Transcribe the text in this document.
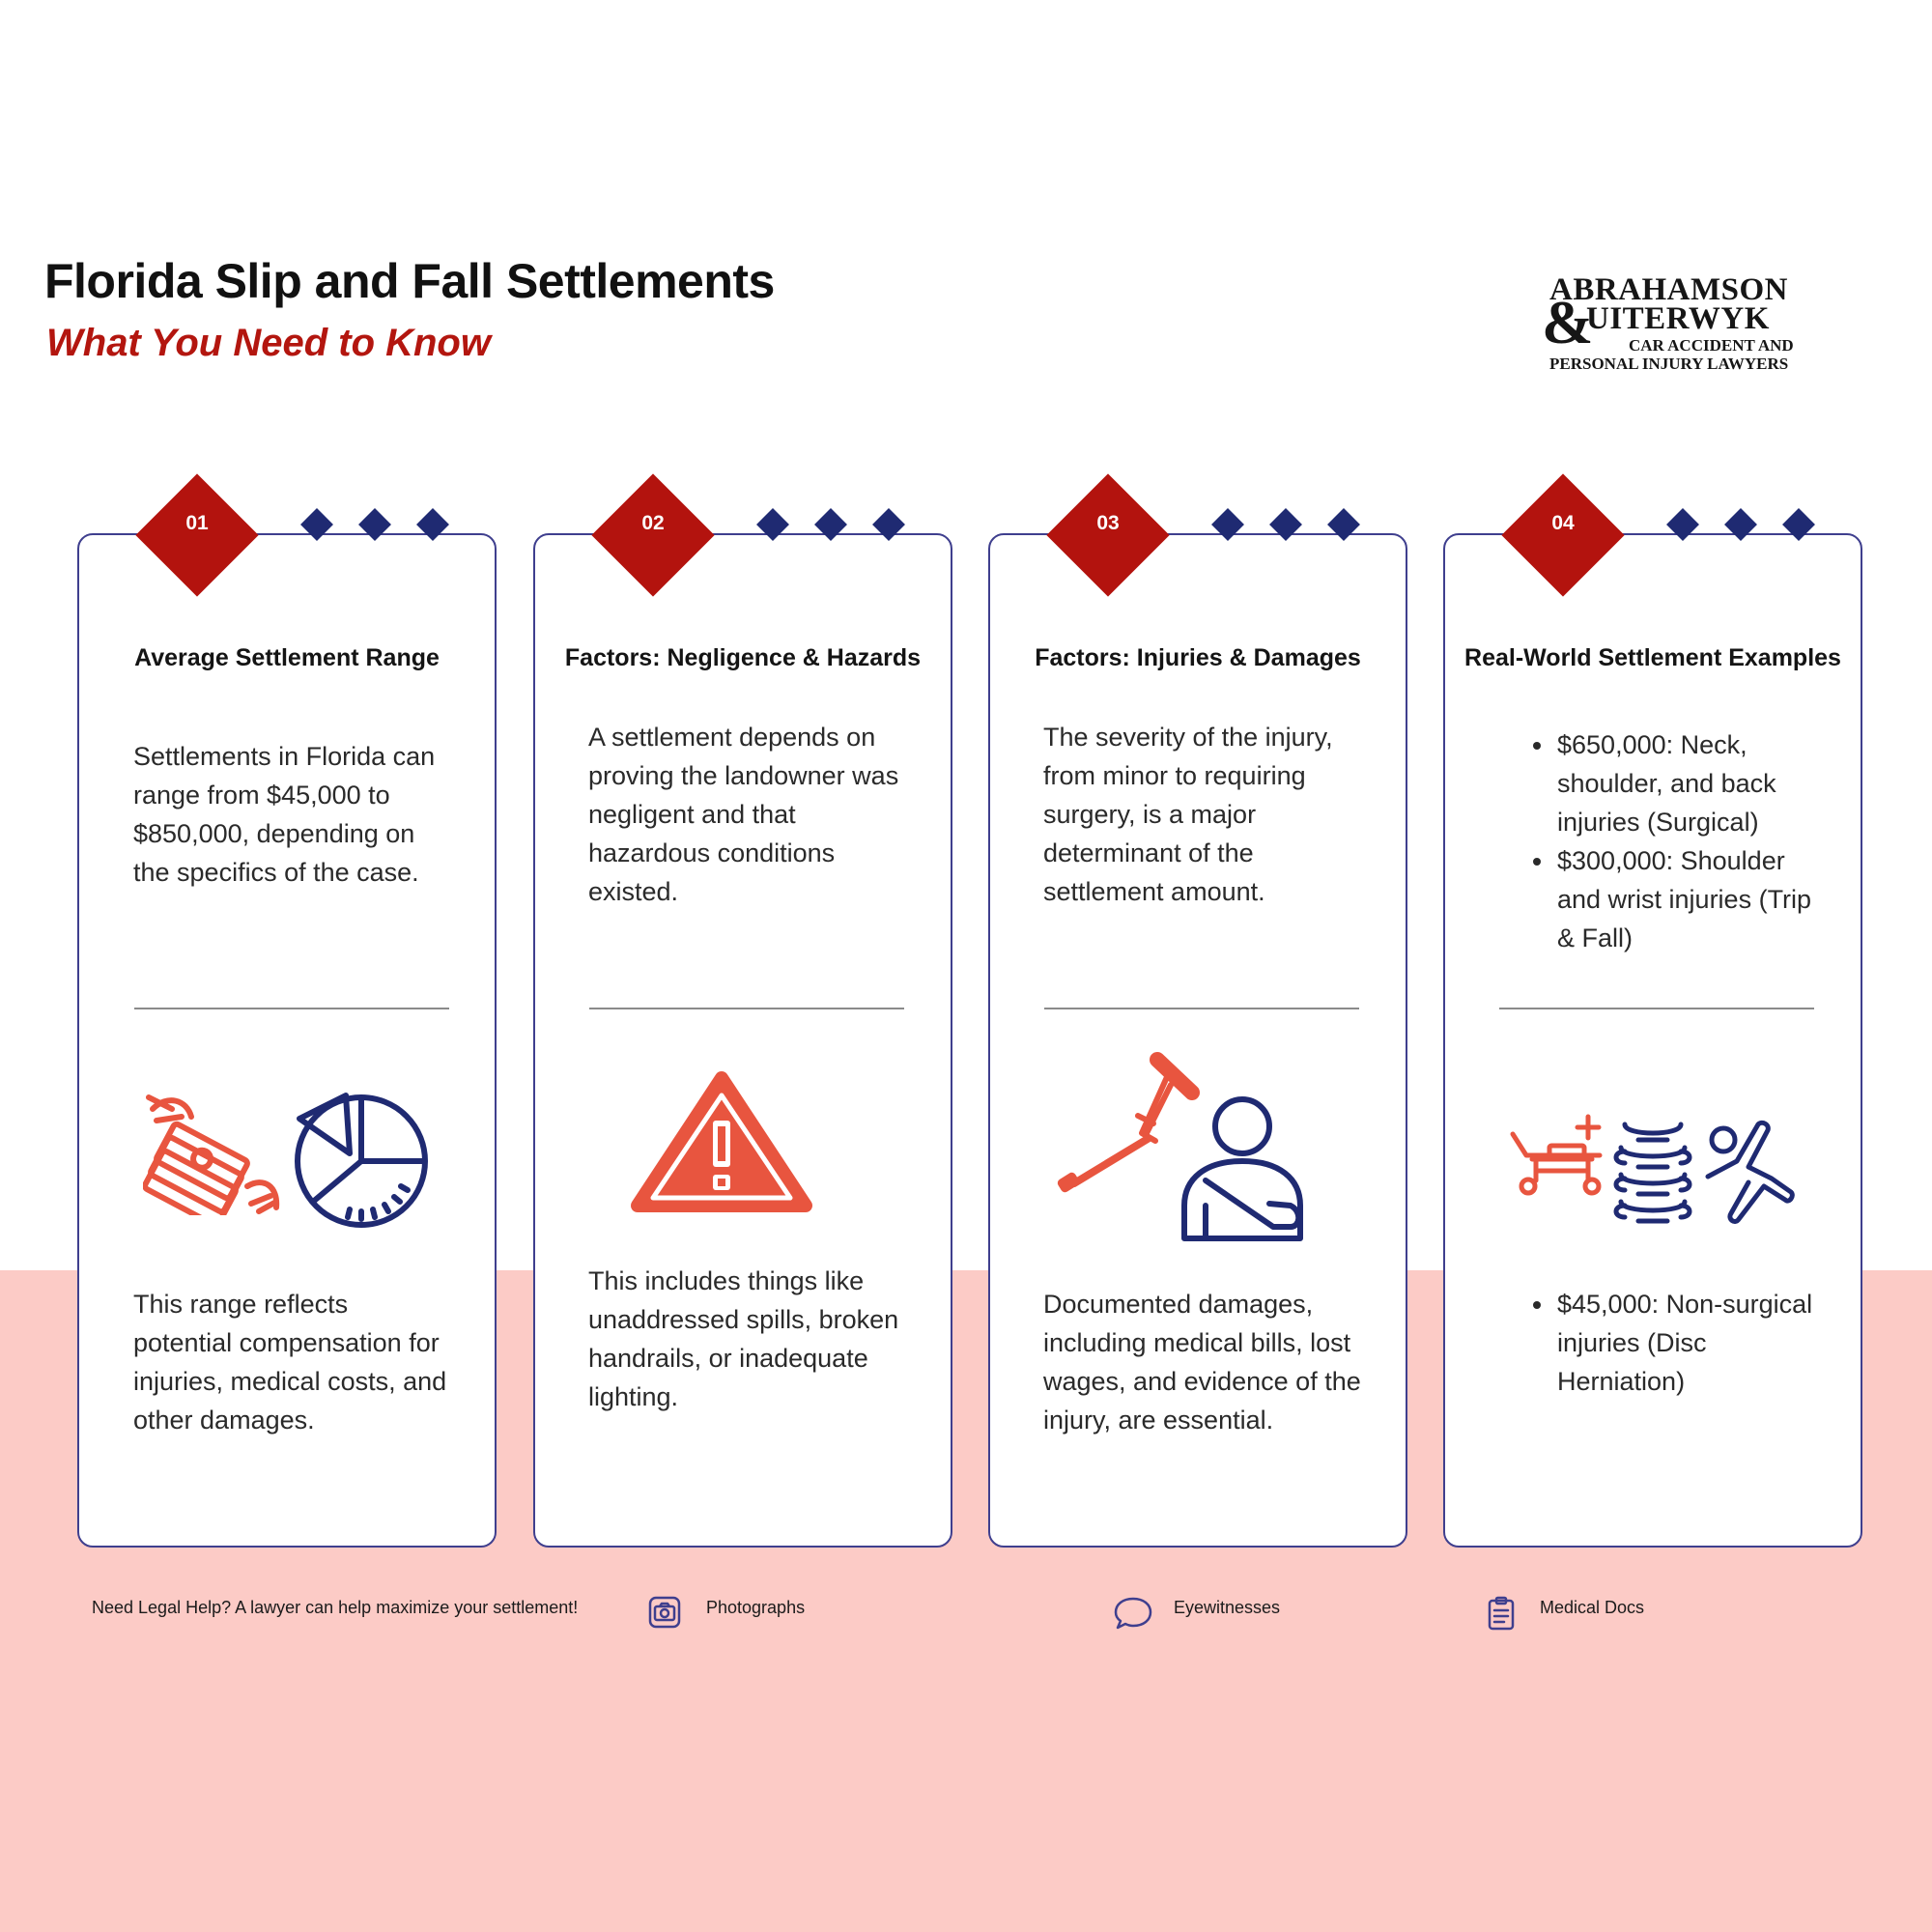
Florida Slip and Fall Settlements
What You Need to Know
ABRAHAMSON
&
UITERWYK
CAR ACCIDENT AND
PERSONAL INJURY LAWYERS
01

Average Settlement Range

Settlements in Florida can range from $45,000 to $850,000, depending on the specifics of the case.

This range reflects potential compensation for injuries, medical costs, and other damages.

02

Factors: Negligence & Hazards

A settlement depends on proving the landowner was negligent and that hazardous conditions existed.

This includes things like unaddressed spills, broken handrails, or inadequate lighting.

03

Factors: Injuries & Damages

The severity of the injury, from minor to requiring surgery, is a major determinant of the settlement amount.

Documented damages, including medical bills, lost wages, and evidence of the injury, are essential.

04

Real-World Settlement Examples

• $650,000: Neck, shoulder, and back injuries (Surgical)
• $300,000: Shoulder and wrist injuries (Trip & Fall)
• $45,000: Non-surgical injuries (Disc Herniation)

Need Legal Help? A lawyer can help maximize your settlement!	Photographs	Eyewitnesses	Medical Docs
